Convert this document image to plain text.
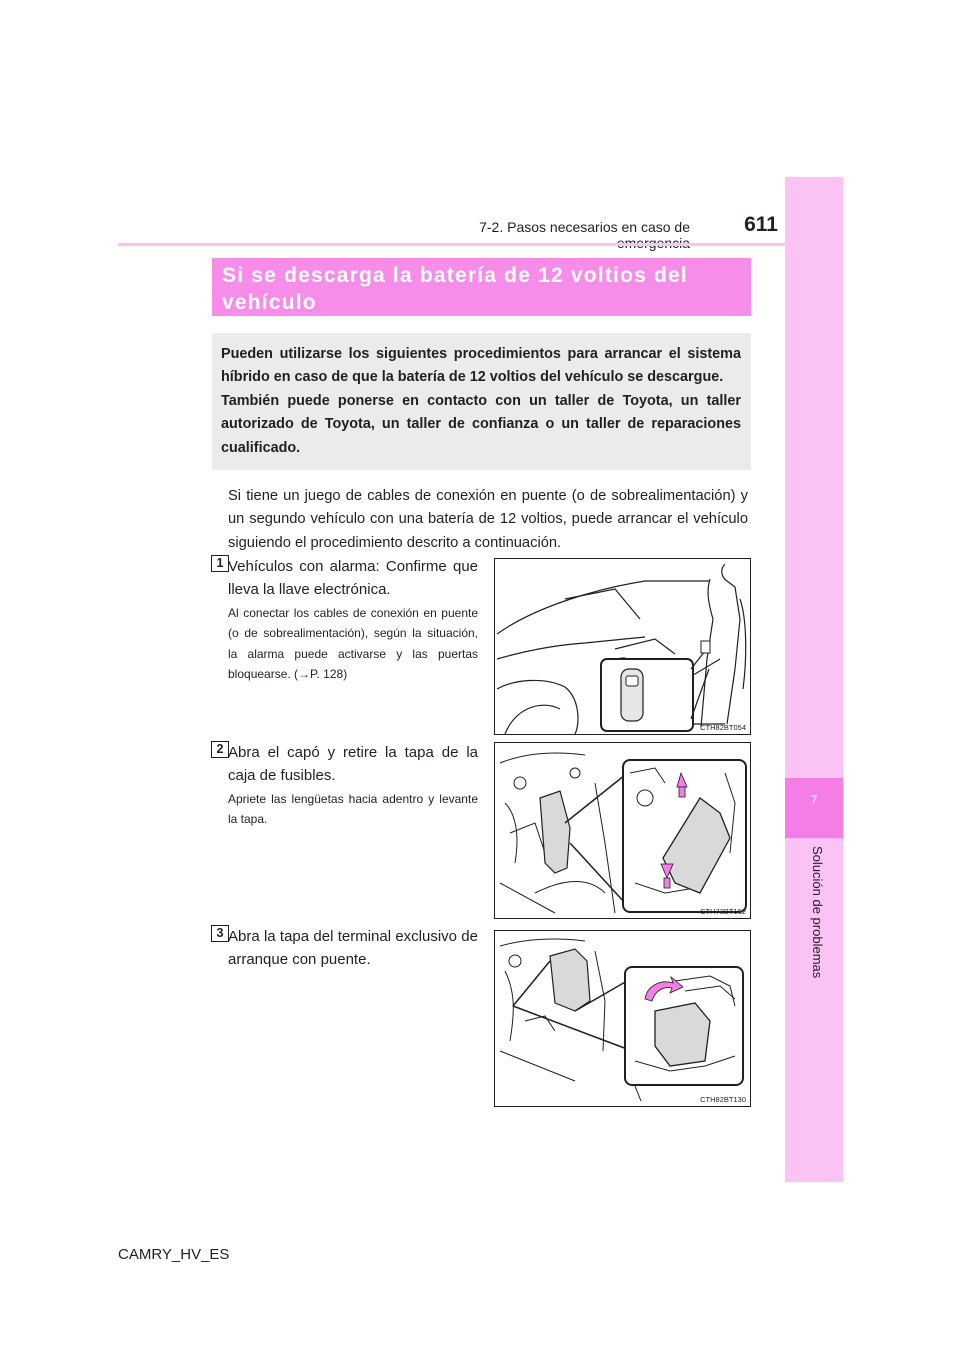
7
Solución de problemas
7-2. Pasos necesarios en caso de	611
Si se descarga la batería de 12 voltios del vehículo

Pueden utilizarse los siguientes procedimientos para arrancar el sistema híbrido en caso de que la batería de 12 voltios del vehículo se descargue.

También puede ponerse en contacto con un taller de Toyota, un taller autorizado de Toyota, un taller de confianza o un taller de reparaciones cualificado.

Si tiene un juego de cables de conexión en puente (o de sobrealimentación) y un segundo vehículo con una batería de 12 voltios, puede arrancar el vehículo siguiendo el procedimiento descrito a continuación.
1 Vehículos con alarma: Confirme que lleva la llave electrónica.
Al conectar los cables de conexión en puente (o de sobrealimentación), según la situación, la alarma puede activarse y las puertas bloquearse. (→P. 128)
CTH82BT054
2 Abra el capó y retire la tapa de la caja de fusibles.
Apriete las lengüetas hacia adentro y levante la tapa.
CTH73BT162
3 Abra la tapa del terminal exclusivo de arranque con puente.
CTH82BT130
CAMRY_HV_ES
